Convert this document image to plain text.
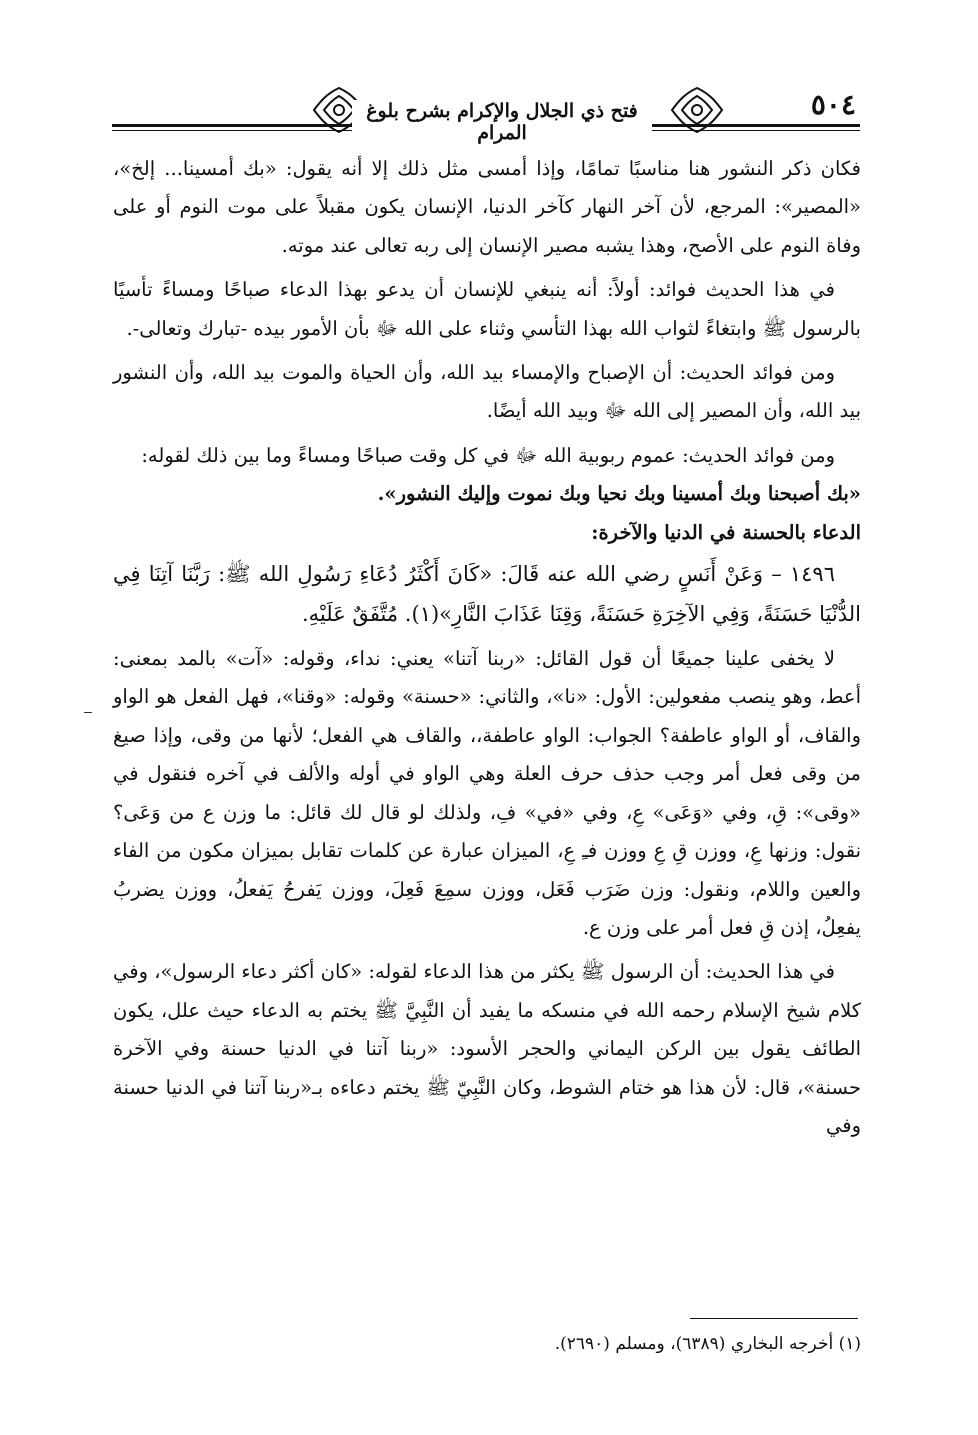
فتح ذي الجلال والإكرام بشرح بلوغ المرام
٥٠٤

فكان ذكر النشور هنا مناسبًا تمامًا، وإذا أمسى مثل ذلك إلا أنه يقول: «بك أمسينا... إلخ»، «المصير»: المرجع، لأن آخر النهار كآخر الدنيا، الإنسان يكون مقبلاً على موت النوم أو على وفاة النوم على الأصح، وهذا يشبه مصير الإنسان إلى ربه تعالى عند موته.

في هذا الحديث فوائد: أولاً: أنه ينبغي للإنسان أن يدعو بهذا الدعاء صباحًا ومساءً تأسيًا بالرسول ﷺ وابتغاءً لثواب الله بهذا التأسي وثناء على الله ﷻ بأن الأمور بيده -تبارك وتعالى-.

ومن فوائد الحديث: أن الإصباح والإمساء بيد الله، وأن الحياة والموت بيد الله، وأن النشور بيد الله، وأن المصير إلى الله ﷻ وبيد الله أيضًا.

ومن فوائد الحديث: عموم ربوبية الله ﷻ في كل وقت صباحًا ومساءً وما بين ذلك لقوله:

«بك أصبحنا وبك أمسينا وبك نحيا وبك نموت وإليك النشور».

الدعاء بالحسنة في الدنيا والآخرة:

١٤٩٦ – وَعَنْ أَنَسٍ رضي الله عنه قَالَ: «كَانَ أَكْثَرُ دُعَاءِ رَسُولِ الله ﷺ: رَبَّنَا آتِنَا فِي الدُّنْيَا حَسَنَةً، وَفِي الآخِرَةِ حَسَنَةً، وَقِنَا عَذَابَ النَّارِ»(١). مُتَّفَقٌ عَلَيْهِ.

لا يخفى علينا جميعًا أن قول القائل: «ربنا آتنا» يعني: نداء، وقوله: «آت» بالمد بمعنى: أعط، وهو ينصب مفعولين: الأول: «نا»، والثاني: «حسنة» وقوله: «وقنا»، فهل الفعل هو الواو والقاف، أو الواو عاطفة؟ الجواب: الواو عاطفة،، والقاف هي الفعل؛ لأنها من وقى، وإذا صيغ من وقى فعل أمر وجب حذف حرف العلة وهي الواو في أوله والألف في آخره فنقول في «وقى»: قِ، وفي «وَعَى» عِ، وفي «في» فِ، ولذلك لو قال لك قائل: ما وزن ع من وَعَى؟ نقول: وزنها عِ، ووزن قِ عِ ووزن فـِ عِ، الميزان عبارة عن كلمات تقابل بميزان مكون من الفاء والعين واللام، ونقول: وزن ضَرَب فَعَل، ووزن سمِعَ فَعِلَ، ووزن يَفرحُ يَفعلُ، ووزن يضربُ يفعِلُ، إذن قِ فعل أمر على وزن ع.

في هذا الحديث: أن الرسول ﷺ يكثر من هذا الدعاء لقوله: «كان أكثر دعاء الرسول»، وفي كلام شيخ الإسلام رحمه الله في منسكه ما يفيد أن النَّبِيَّ ﷺ يختم به الدعاء حيث علل، يكون الطائف يقول بين الركن اليماني والحجر الأسود: «ربنا آتنا في الدنيا حسنة وفي الآخرة حسنة»، قال: لأن هذا هو ختام الشوط، وكان النَّبِيّ ﷺ يختم دعاءه بـ«ربنا آتنا في الدنيا حسنة وفي

(١) أخرجه البخاري (٦٣٨٩)، ومسلم (٢٦٩٠).
